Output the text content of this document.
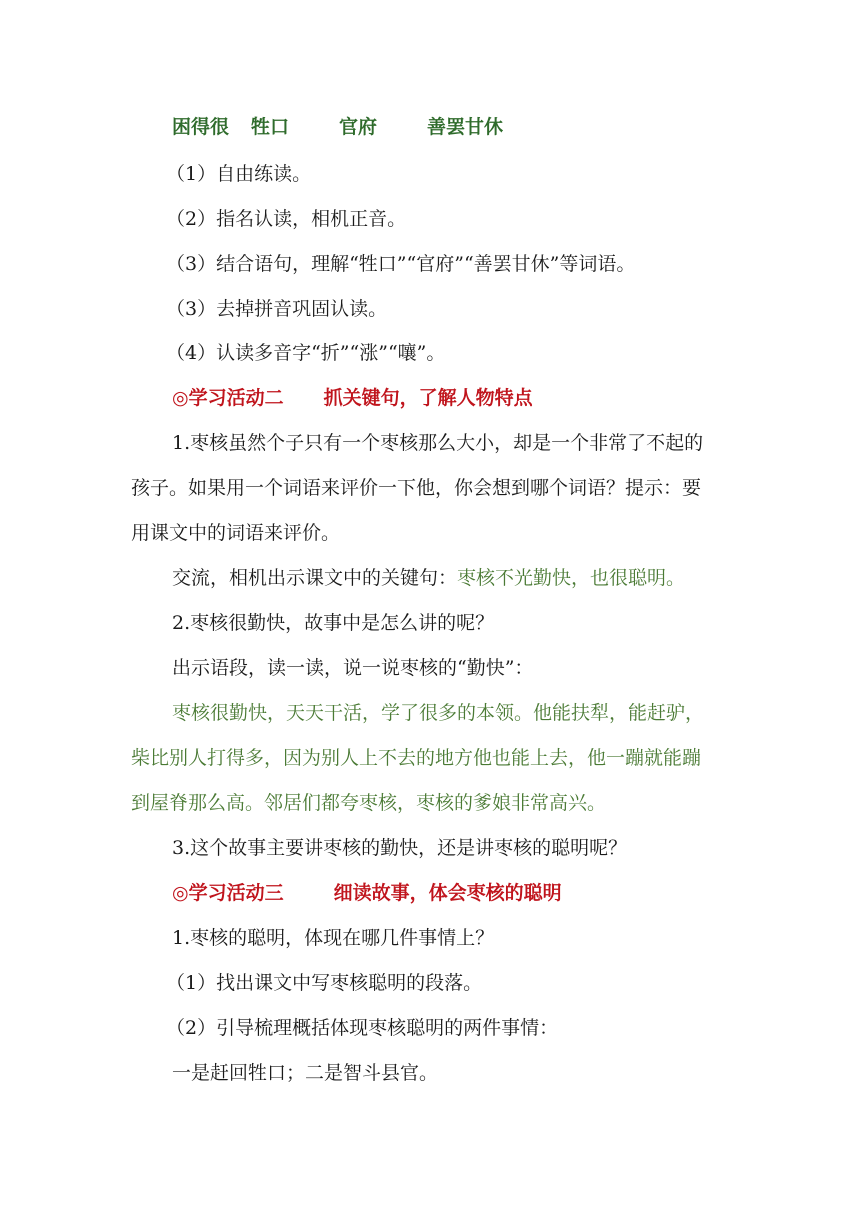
困得很 牲口	官府	善罢甘休
（1）自由练读。
（2）指名认读，相机正音。
（3）结合语句，理解“牲口”“官府”“善罢甘休”等词语。
（3）去掉拼音巩固认读。
（4）认读多音字“折”“涨”“嚷”。
◎学习活动二 抓关键句，了解人物特点
1.枣核虽然个子只有一个枣核那么大小，却是一个非常了不起的
孩子。如果用一个词语来评价一下他，你会想到哪个词语？提示：要
用课文中的词语来评价。
交流，相机出示课文中的关键句：枣核不光勤快，也很聪明。
2.枣核很勤快，故事中是怎么讲的呢？
出示语段，读一读，说一说枣核的“勤快”：
枣核很勤快，天天干活，学了很多的本领。他能扶犁，能赶驴，
柴比别人打得多，因为别人上不去的地方他也能上去，他一蹦就能蹦
到屋脊那么高。邻居们都夸枣核，枣核的爹娘非常高兴。
3.这个故事主要讲枣核的勤快，还是讲枣核的聪明呢？
◎学习活动三	细读故事，体会枣核的聪明
1.枣核的聪明，体现在哪几件事情上？
（1）找出课文中写枣核聪明的段落。
（2）引导梳理概括体现枣核聪明的两件事情：
一是赶回牲口；二是智斗县官。
